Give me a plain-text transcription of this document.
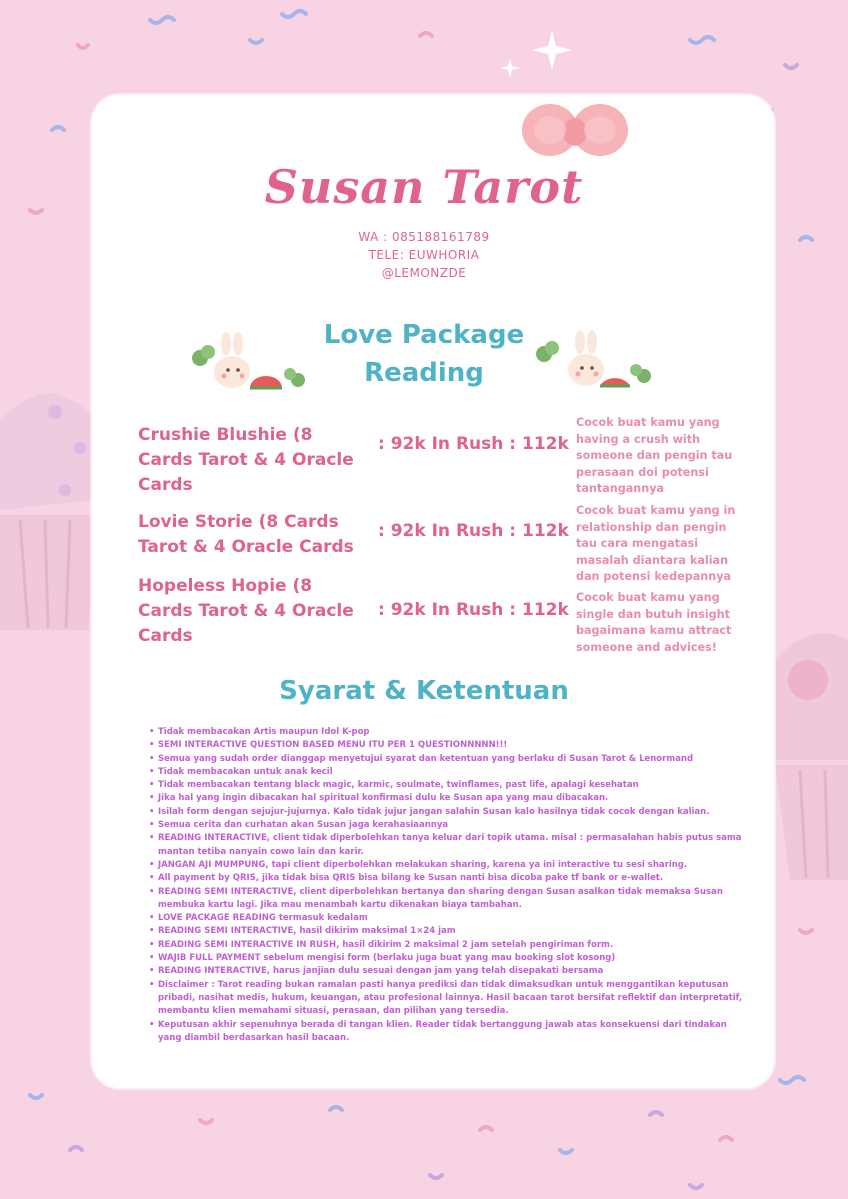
Susan Tarot
WA : 085188161789
TELE: EUWHORIA
@LEMONZDE
Love Package
Reading
Crushie Blushie (8 Cards Tarot & 4 Oracle Cards
: 92k In Rush : 112k
Cocok buat kamu yang having a crush with someone dan pengin tau perasaan doi potensi tantangannya
Lovie Storie (8 Cards Tarot & 4 Oracle Cards
: 92k In Rush : 112k
Cocok buat kamu yang in relationship dan pengin tau cara mengatasi masalah diantara kalian dan potensi kedepannya
Hopeless Hopie (8 Cards Tarot & 4 Oracle Cards
: 92k In Rush : 112k
Cocok buat kamu yang single dan butuh insight bagaimana kamu attract someone and advices!
Syarat & Ketentuan
• Tidak membacakan Artis maupun Idol K-pop
• SEMI INTERACTIVE QUESTION BASED MENU ITU PER 1 QUESTIONNNNN!!!
• Semua yang sudah order dianggap menyetujui syarat dan ketentuan yang berlaku di Susan Tarot & Lenormand
• Tidak membacakan untuk anak kecil
• Tidak membacakan tentang black magic, karmic, soulmate, twinflames, past life, apalagi kesehatan
• Jika hal yang ingin dibacakan hal spiritual konfirmasi dulu ke Susan apa yang mau dibacakan.
• Isilah form dengan sejujur-jujurnya. Kalo tidak jujur jangan salahin Susan kalo hasilnya tidak cocok dengan kalian.
• Semua cerita dan curhatan akan Susan jaga kerahasiaannya
• READING INTERACTIVE, client tidak diperbolehkan tanya keluar dari topik utama. misal : permasalahan habis putus sama mantan tetiba nanyain cowo lain dan karir.
• JANGAN AJI MUMPUNG, tapi client diperbolehkan melakukan sharing, karena ya ini interactive tu sesi sharing.
• All payment by QRIS, jika tidak bisa QRIS bisa bilang ke Susan nanti bisa dicoba pake tf bank or e-wallet.
• READING SEMI INTERACTIVE, client diperbolehkan bertanya dan sharing dengan Susan asalkan tidak memaksa Susan membuka kartu lagi. Jika mau menambah kartu dikenakan biaya tambahan.
• LOVE PACKAGE READING termasuk kedalam
• READING SEMI INTERACTIVE, hasil dikirim maksimal 1×24 jam
• READING SEMI INTERACTIVE IN RUSH, hasil dikirim 2 maksimal 2 jam setelah pengiriman form.
• WAJIB FULL PAYMENT sebelum mengisi form (berlaku juga buat yang mau booking slot kosong)
• READING INTERACTIVE, harus janjian dulu sesuai dengan jam yang telah disepakati bersama
• Disclaimer : Tarot reading bukan ramalan pasti hanya prediksi dan tidak dimaksudkan untuk menggantikan keputusan pribadi, nasihat medis, hukum, keuangan, atau profesional lainnya. Hasil bacaan tarot bersifat reflektif dan interpretatif, membantu klien memahami situasi, perasaan, dan pilihan yang tersedia.
• Keputusan akhir sepenuhnya berada di tangan klien. Reader tidak bertanggung jawab atas konsekuensi dari tindakan yang diambil berdasarkan hasil bacaan.
